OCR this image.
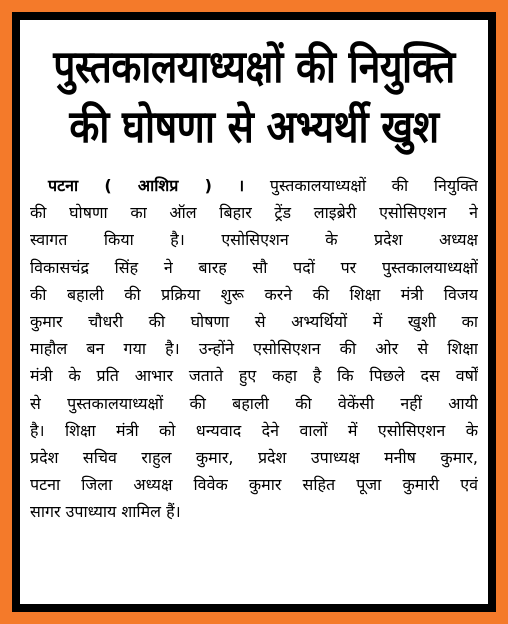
पुस्तकालयाध्यक्षों की नियुक्ति
की घोषणा से अभ्यर्थी खुश
पटना ( आशिप्र ) । पुस्तकालयाध्यक्षों की नियुक्ति
की घोषणा का ऑल बिहार ट्रेंड लाइब्रेरी एसोसिएशन ने
स्वागत किया है। एसोसिएशन के प्रदेश अध्यक्ष
विकासचंद्र सिंह ने बारह सौ पदों पर पुस्तकालयाध्यक्षों
की बहाली की प्रक्रिया शुरू करने की शिक्षा मंत्री विजय
कुमार चौधरी की घोषणा से अभ्यर्थियों में खुशी का
माहौल बन गया है। उन्होंने एसोसिएशन की ओर से शिक्षा
मंत्री के प्रति आभार जताते हुए कहा है कि पिछले दस वर्षों
से पुस्तकालयाध्यक्षों की बहाली की वेकेंसी नहीं आयी
है। शिक्षा मंत्री को धन्यवाद देने वालों में एसोसिएशन के
प्रदेश सचिव राहुल कुमार, प्रदेश उपाध्यक्ष मनीष कुमार,
पटना जिला अध्यक्ष विवेक कुमार सहित पूजा कुमारी एवं
सागर उपाध्याय शामिल हैं।
